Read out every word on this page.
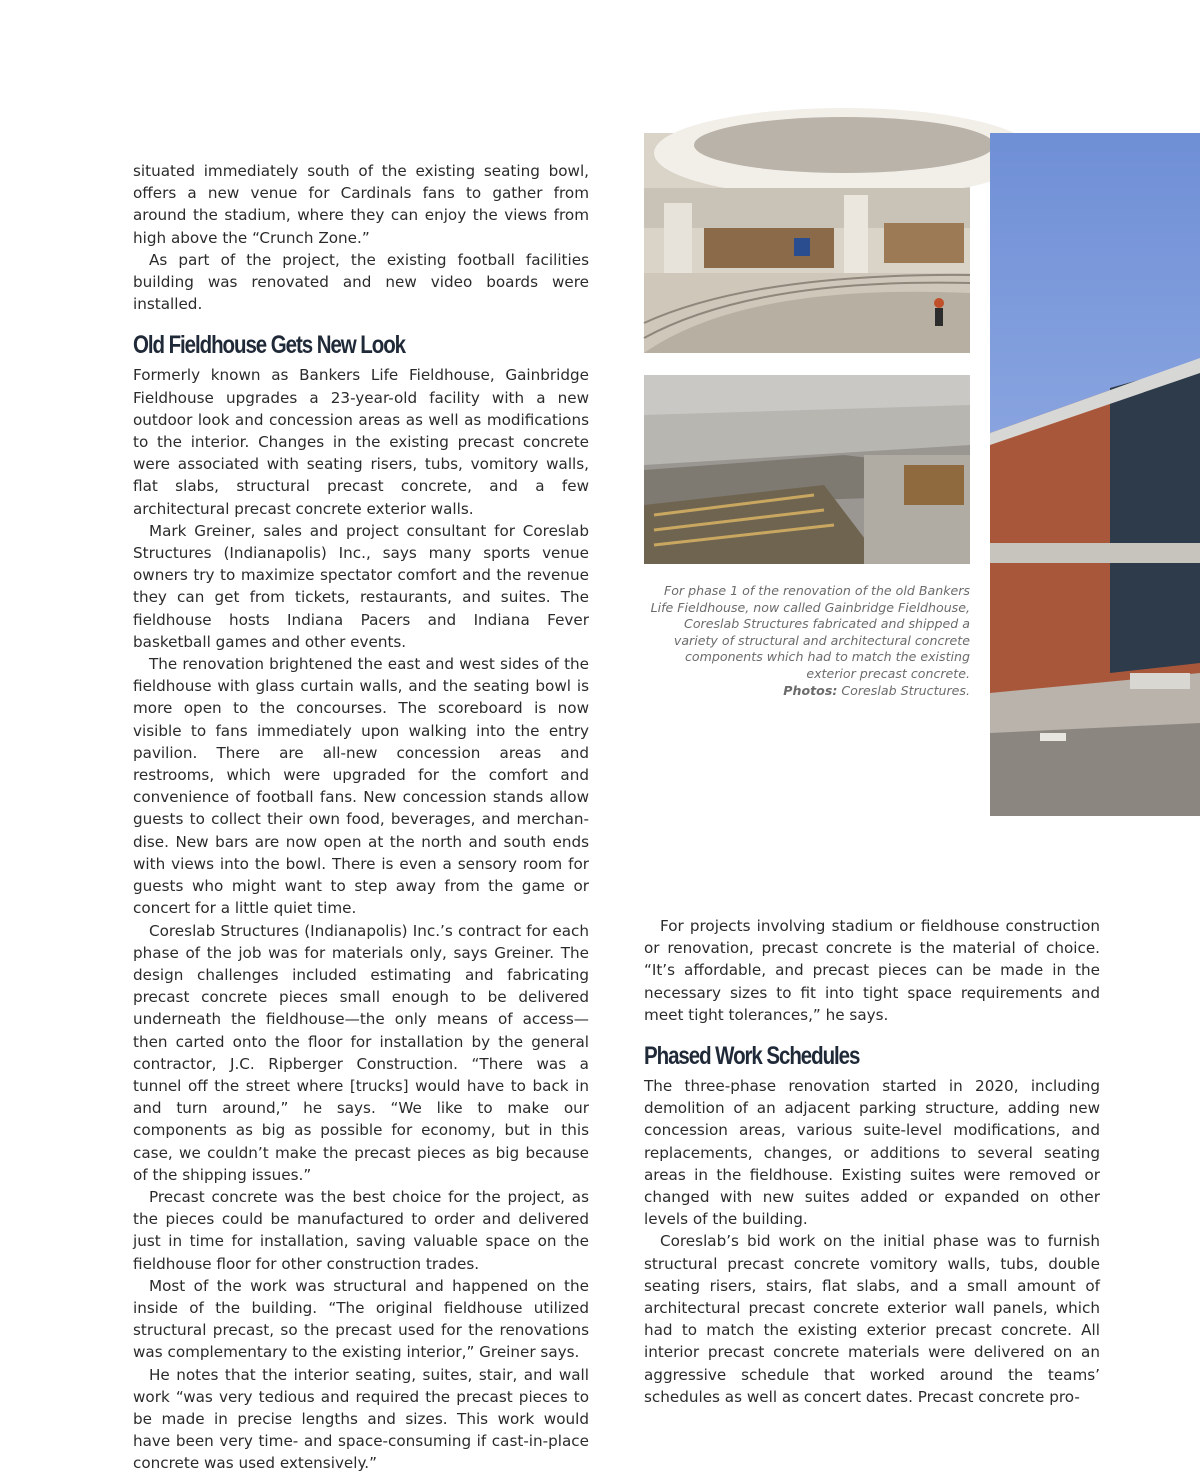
situated immediately south of the existing seating bowl, offers a new venue for Cardinals fans to gather from around the stadium, where they can enjoy the views from high above the “Crunch Zone.”

As part of the project, the existing football facilities building was renovated and new video boards were installed.

Old Fieldhouse Gets New Look

Formerly known as Bankers Life Fieldhouse, Gainbridge Fieldhouse upgrades a 23-year-old facility with a new outdoor look and concession areas as well as modifications to the interior. Changes in the existing precast concrete were associated with seating risers, tubs, vomitory walls, flat slabs, structural precast concrete, and a few architectural precast concrete exterior walls.

Mark Greiner, sales and project consultant for Coreslab Structures (Indianapolis) Inc., says many sports venue owners try to maximize spectator comfort and the revenue they can get from tickets, restaurants, and suites. The fieldhouse hosts Indiana Pacers and Indiana Fever basketball games and other events.

The renovation brightened the east and west sides of the fieldhouse with glass curtain walls, and the seating bowl is more open to the concourses. The scoreboard is now visible to fans immediately upon walking into the entry pavilion. There are all-new concession areas and restrooms, which were upgraded for the comfort and convenience of football fans. New concession stands allow guests to collect their own food, beverages, and merchandise. New bars are now open at the north and south ends with views into the bowl. There is even a sensory room for guests who might want to step away from the game or concert for a little quiet time.

Coreslab Structures (Indianapolis) Inc.’s contract for each phase of the job was for materials only, says Greiner. The design challenges included estimating and fabricating precast concrete pieces small enough to be delivered underneath the fieldhouse—the only means of access—then carted onto the floor for installation by the general contractor, J.C. Ripberger Construction. “There was a tunnel off the street where [trucks] would have to back in and turn around,” he says. “We like to make our components as big as possible for economy, but in this case, we couldn’t make the precast pieces as big because of the shipping issues.”

Precast concrete was the best choice for the project, as the pieces could be manufactured to order and delivered just in time for installation, saving valuable space on the fieldhouse floor for other construction trades.

Most of the work was structural and happened on the inside of the building. “The original fieldhouse utilized structural precast, so the precast used for the renovations was complementary to the existing interior,” Greiner says.

He notes that the interior seating, suites, stair, and wall work “was very tedious and required the precast pieces to be made in precise lengths and sizes. This work would have been very time- and space-consuming if cast-in-place concrete was used extensively.”

For phase 1 of the renovation of the old Bankers Life Fieldhouse, now called Gainbridge Fieldhouse, Coreslab Structures fabricated and shipped a variety of structural and architectural concrete components which had to match the existing exterior precast concrete.
Photos: Coreslab Structures.

For projects involving stadium or fieldhouse construction or renovation, precast concrete is the material of choice. “It’s affordable, and precast pieces can be made in the necessary sizes to fit into tight space requirements and meet tight tolerances,” he says.

Phased Work Schedules

The three-phase renovation started in 2020, including demolition of an adjacent parking structure, adding new concession areas, various suite-level modifications, and replacements, changes, or additions to several seating areas in the fieldhouse. Existing suites were removed or changed with new suites added or expanded on other levels of the building.

Coreslab’s bid work on the initial phase was to furnish structural precast concrete vomitory walls, tubs, double seating risers, stairs, flat slabs, and a small amount of architectural precast concrete exterior wall panels, which had to match the existing exterior precast concrete. All interior precast concrete materials were delivered on an aggressive schedule that worked around the teams’ schedules as well as concert dates. Precast concrete pro-
